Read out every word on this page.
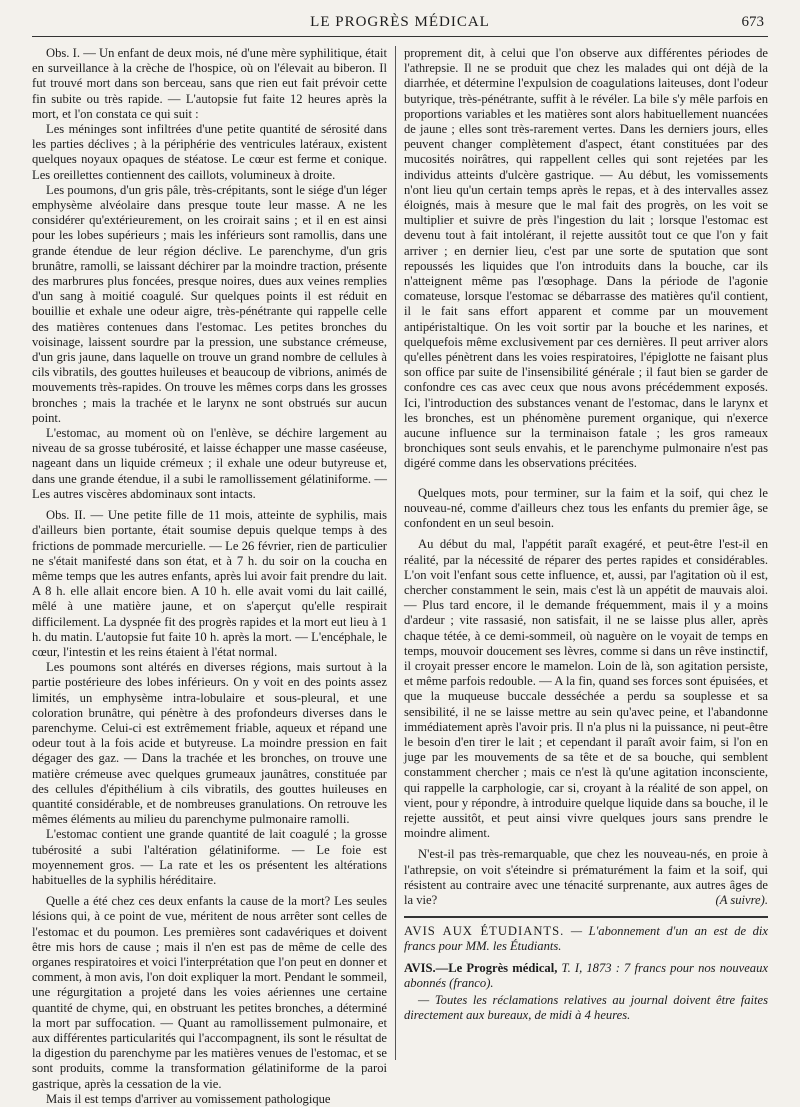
LE PROGRÈS MÉDICAL	673

Obs. I. — Un enfant de deux mois, né d'une mère syphilitique, était en surveillance à la crèche de l'hospice, où on l'élevait au biberon. Il fut trouvé mort dans son berceau, sans que rien eut fait prévoir cette fin subite ou très rapide. — L'autopsie fut faite 12 heures après la mort, et l'on constata ce qui suit :

Les méninges sont infiltrées d'une petite quantité de sérosité dans les parties déclives ; à la périphérie des ventricules latéraux, existent quelques noyaux opaques de stéatose. Le cœur est ferme et conique. Les oreillettes contiennent des caillots, volumineux à droite.

Les poumons, d'un gris pâle, très-crépitants, sont le siége d'un léger emphysème alvéolaire dans presque toute leur masse. A ne les considérer qu'extérieurement, on les croirait sains ; et il en est ainsi pour les lobes supérieurs ; mais les inférieurs sont ramollis, dans une grande étendue de leur région déclive. Le parenchyme, d'un gris brunâtre, ramolli, se laissant déchirer par la moindre traction, présente des marbrures plus foncées, presque noires, dues aux veines remplies d'un sang à moitié coagulé. Sur quelques points il est réduit en bouillie et exhale une odeur aigre, très-pénétrante qui rappelle celle des matières contenues dans l'estomac. Les petites bronches du voisinage, laissent sourdre par la pression, une substance crémeuse, d'un gris jaune, dans laquelle on trouve un grand nombre de cellules à cils vibratils, des gouttes huileuses et beaucoup de vibrions, animés de mouvements très-rapides. On trouve les mêmes corps dans les grosses bronches ; mais la trachée et le larynx ne sont obstrués sur aucun point.

L'estomac, au moment où on l'enlève, se déchire largement au niveau de sa grosse tubérosité, et laisse échapper une masse caséeuse, nageant dans un liquide crémeux ; il exhale une odeur butyreuse et, dans une grande étendue, il a subi le ramollissement gélatiniforme. — Les autres viscères abdominaux sont intacts.

Obs. II. — Une petite fille de 11 mois, atteinte de syphilis, mais d'ailleurs bien portante, était soumise depuis quelque temps à des frictions de pommade mercurielle. — Le 26 février, rien de particulier ne s'était manifesté dans son état, et à 7 h. du soir on la coucha en même temps que les autres enfants, après lui avoir fait prendre du lait. A 8 h. elle allait encore bien. A 10 h. elle avait vomi du lait caillé, mêlé à une matière jaune, et on s'aperçut qu'elle respirait difficilement. La dyspnée fit des progrès rapides et la mort eut lieu à 1 h. du matin. L'autopsie fut faite 10 h. après la mort. — L'encéphale, le cœur, l'intestin et les reins étaient à l'état normal.

Les poumons sont altérés en diverses régions, mais surtout à la partie postérieure des lobes inférieurs. On y voit en des points assez limités, un emphysème intra-lobulaire et sous-pleural, et une coloration brunâtre, qui pénètre à des profondeurs diverses dans le parenchyme. Celui-ci est extrêmement friable, aqueux et répand une odeur tout à la fois acide et butyreuse. La moindre pression en fait dégager des gaz. — Dans la trachée et les bronches, on trouve une matière crémeuse avec quelques grumeaux jaunâtres, constituée par des cellules d'épithélium à cils vibratils, des gouttes huileuses en quantité considérable, et de nombreuses granulations. On retrouve les mêmes éléments au milieu du parenchyme pulmonaire ramolli.

L'estomac contient une grande quantité de lait coagulé ; la grosse tubérosité a subi l'altération gélatiniforme. — Le foie est moyennement gros. — La rate et les os présentent les altérations habituelles de la syphilis héréditaire.

Quelle a été chez ces deux enfants la cause de la mort? Les seules lésions qui, à ce point de vue, méritent de nous arrêter sont celles de l'estomac et du poumon. Les premières sont cadavériques et doivent être mis hors de cause ; mais il n'en est pas de même de celle des organes respiratoires et voici l'interprétation que l'on peut en donner et comment, à mon avis, l'on doit expliquer la mort. Pendant le sommeil, une régurgitation a projeté dans les voies aériennes une certaine quantité de chyme, qui, en obstruant les petites bronches, a déterminé la mort par suffocation. — Quant au ramollissement pulmonaire, et aux différentes particularités qui l'accompagnent, ils sont le résultat de la digestion du parenchyme par les matières venues de l'estomac, et se sont produits, comme la transformation gélatiniforme de la paroi gastrique, après la cessation de la vie.

Mais il est temps d'arriver au vomissement pathologique

proprement dit, à celui que l'on observe aux différentes périodes de l'athrepsie. Il ne se produit que chez les malades qui ont déjà de la diarrhée, et détermine l'expulsion de coagulations laiteuses, dont l'odeur butyrique, très-pénétrante, suffit à le révéler. La bile s'y mêle parfois en proportions variables et les matières sont alors habituellement nuancées de jaune ; elles sont très-rarement vertes. Dans les derniers jours, elles peuvent changer complètement d'aspect, étant constituées par des mucosités noirâtres, qui rappellent celles qui sont rejetées par les individus atteints d'ulcère gastrique. — Au début, les vomissements n'ont lieu qu'un certain temps après le repas, et à des intervalles assez éloignés, mais à mesure que le mal fait des progrès, on les voit se multiplier et suivre de près l'ingestion du lait ; lorsque l'estomac est devenu tout à fait intolérant, il rejette aussitôt tout ce que l'on y fait arriver ; en dernier lieu, c'est par une sorte de sputation que sont repoussés les liquides que l'on introduits dans la bouche, car ils n'atteignent même pas l'œsophage. Dans la période de l'agonie comateuse, lorsque l'estomac se débarrasse des matières qu'il contient, il le fait sans effort apparent et comme par un mouvement antipéristaltique. On les voit sortir par la bouche et les narines, et quelquefois même exclusivement par ces dernières. Il peut arriver alors qu'elles pénètrent dans les voies respiratoires, l'épiglotte ne faisant plus son office par suite de l'insensibilité générale ; il faut bien se garder de confondre ces cas avec ceux que nous avons précédemment exposés. Ici, l'introduction des substances venant de l'estomac, dans le larynx et les bronches, est un phénomène purement organique, qui n'exerce aucune influence sur la terminaison fatale ; les gros rameaux bronchiques sont seuls envahis, et le parenchyme pulmonaire n'est pas digéré comme dans les observations précitées.

Quelques mots, pour terminer, sur la faim et la soif, qui chez le nouveau-né, comme d'ailleurs chez tous les enfants du premier âge, se confondent en un seul besoin.

Au début du mal, l'appétit paraît exagéré, et peut-être l'est-il en réalité, par la nécessité de réparer des pertes rapides et considérables. L'on voit l'enfant sous cette influence, et, aussi, par l'agitation où il est, chercher constamment le sein, mais c'est là un appétit de mauvais aloi. — Plus tard encore, il le demande fréquemment, mais il y a moins d'ardeur ; vite rassasié, non satisfait, il ne se laisse plus aller, après chaque tétée, à ce demi-sommeil, où naguère on le voyait de temps en temps, mouvoir doucement ses lèvres, comme si dans un rêve instinctif, il croyait presser encore le mamelon. Loin de là, son agitation persiste, et même parfois redouble. — A la fin, quand ses forces sont épuisées, et que la muqueuse buccale desséchée a perdu sa souplesse et sa sensibilité, il ne se laisse mettre au sein qu'avec peine, et l'abandonne immédiatement après l'avoir pris. Il n'a plus ni la puissance, ni peut-être le besoin d'en tirer le lait ; et cependant il paraît avoir faim, si l'on en juge par les mouvements de sa tête et de sa bouche, qui semblent constamment chercher ; mais ce n'est là qu'une agitation inconsciente, qui rappelle la carphologie, car si, croyant à la réalité de son appel, on vient, pour y répondre, à introduire quelque liquide dans sa bouche, il le rejette aussitôt, et peut ainsi vivre quelques jours sans prendre le moindre aliment.

N'est-il pas très-remarquable, que chez les nouveau-nés, en proie à l'athrepsie, on voit s'éteindre si prématurément la faim et la soif, qui résistent au contraire avec une ténacité surprenante, aux autres âges de la vie?	(A suivre).

AVIS AUX ÉTUDIANTS. — L'abonnement d'un an est de dix francs pour MM. les Étudiants.

AVIS.—Le Progrès médical, T. I, 1873 : 7 francs pour nos nouveaux abonnés (franco).

— Toutes les réclamations relatives au journal doivent être faites directement aux bureaux, de midi à 4 heures.
